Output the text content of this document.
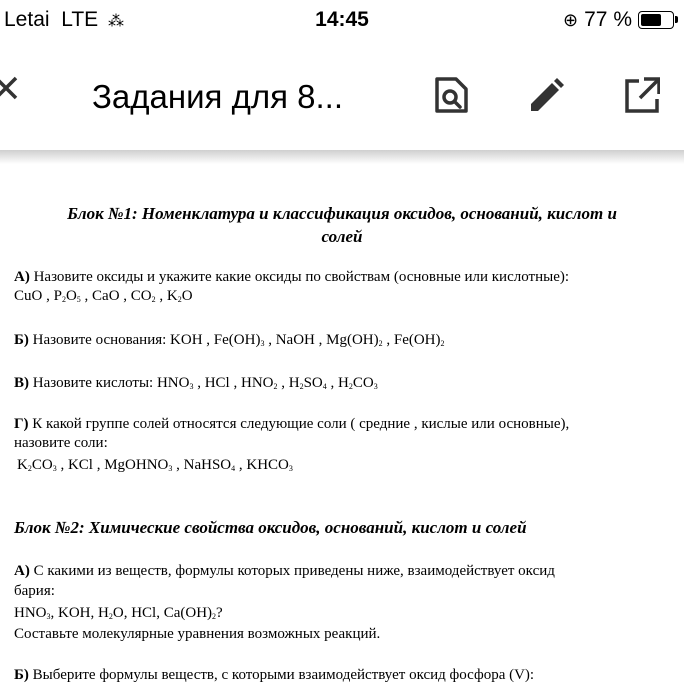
Letai LTE ⁂	14:45	⊕ 77 %
Задания для 8...
Блок №1: Номенклатура и классификация оксидов, оснований, кислот и
солей
А) Назовите оксиды и укажите какие оксиды по свойствам (основные или кислотные):
CuO , $P_2O_5$ , CaO , $CO_2$ , $K_2O$
Б) Назовите основания: KOH , $Fe(OH)_3$ , NaOH , $Mg(OH)_2$ , $Fe(OH)_2$
В) Назовите кислоты: $HNO_3$ , HCl , $HNO_2$ , $H_2SO_4$ , $H_2CO_3$
Г) К какой группе солей относятся следующие соли ( средние , кислые или основные),
назовите соли:
$K_2CO_3$ , KCl , MgOHNO$_3$ , NaHSO$_4$ , $KHCO_3$
Блок №2: Химические свойства оксидов, оснований, кислот и солей
А) С какими из веществ, формулы которых приведены ниже, взаимодействует оксид
бария:
$HNO_3$, KOH, $H_2O$, HCl, $Ca(OH)_2$?
Составьте молекулярные уравнения возможных реакций.
Б) Выберите формулы веществ, с которыми взаимодействует оксид фосфора (V):
